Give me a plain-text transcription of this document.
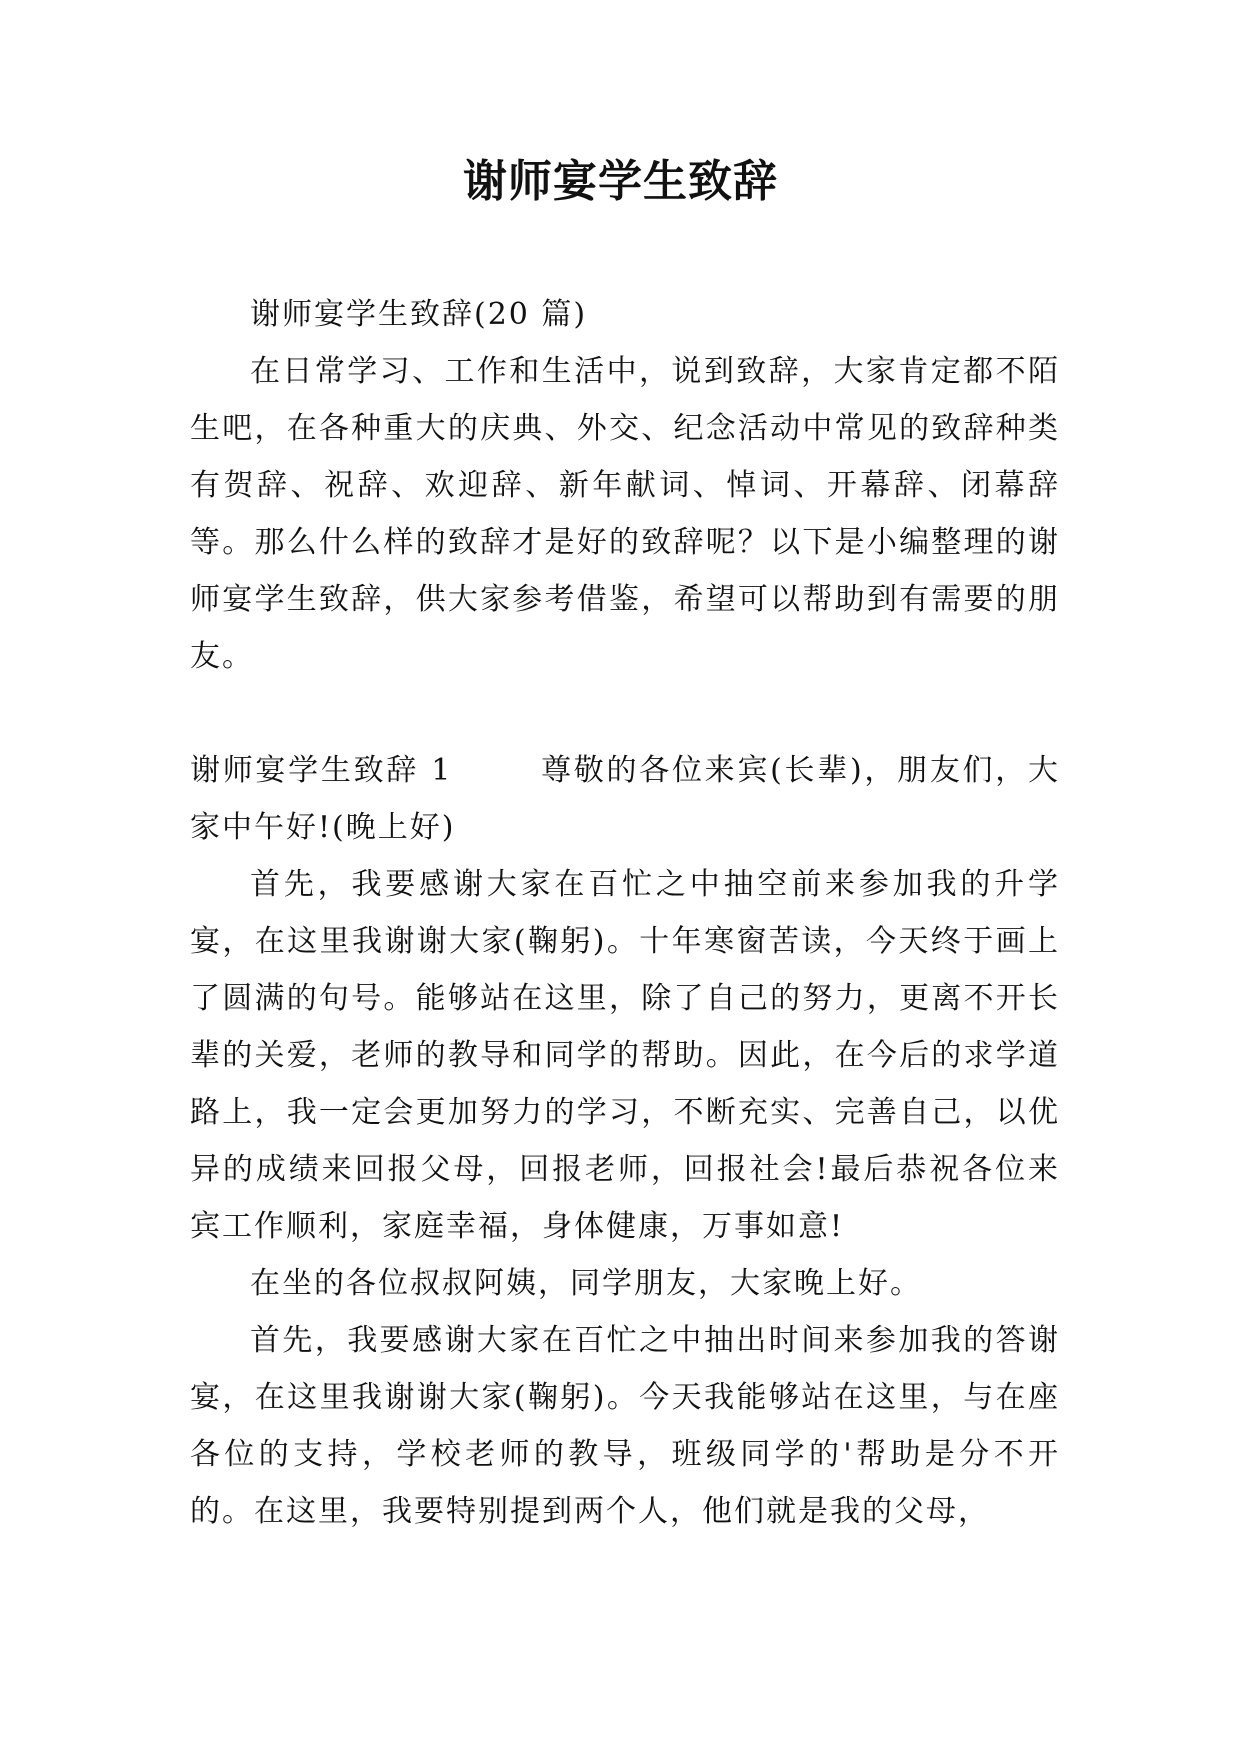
谢师宴学生致辞

谢师宴学生致辞(20 篇)

在日常学习、工作和生活中，说到致辞，大家肯定都不陌生吧，在各种重大的庆典、外交、纪念活动中常见的致辞种类有贺辞、祝辞、欢迎辞、新年献词、悼词、开幕辞、闭幕辞等。那么什么样的致辞才是好的致辞呢？以下是小编整理的谢师宴学生致辞，供大家参考借鉴，希望可以帮助到有需要的朋友。

谢师宴学生致辞 1	尊敬的各位来宾(长辈)，朋友们，大家中午好!(晚上好)

首先，我要感谢大家在百忙之中抽空前来参加我的升学宴，在这里我谢谢大家(鞠躬)。十年寒窗苦读，今天终于画上了圆满的句号。能够站在这里，除了自己的努力，更离不开长辈的关爱，老师的教导和同学的帮助。因此，在今后的求学道路上，我一定会更加努力的学习，不断充实、完善自己，以优异的成绩来回报父母，回报老师，回报社会!最后恭祝各位来宾工作顺利，家庭幸福，身体健康，万事如意!

在坐的各位叔叔阿姨，同学朋友，大家晚上好。

首先，我要感谢大家在百忙之中抽出时间来参加我的答谢宴，在这里我谢谢大家(鞠躬)。今天我能够站在这里，与在座各位的支持，学校老师的教导，班级同学的'帮助是分不开的。在这里，我要特别提到两个人，他们就是我的父母，
